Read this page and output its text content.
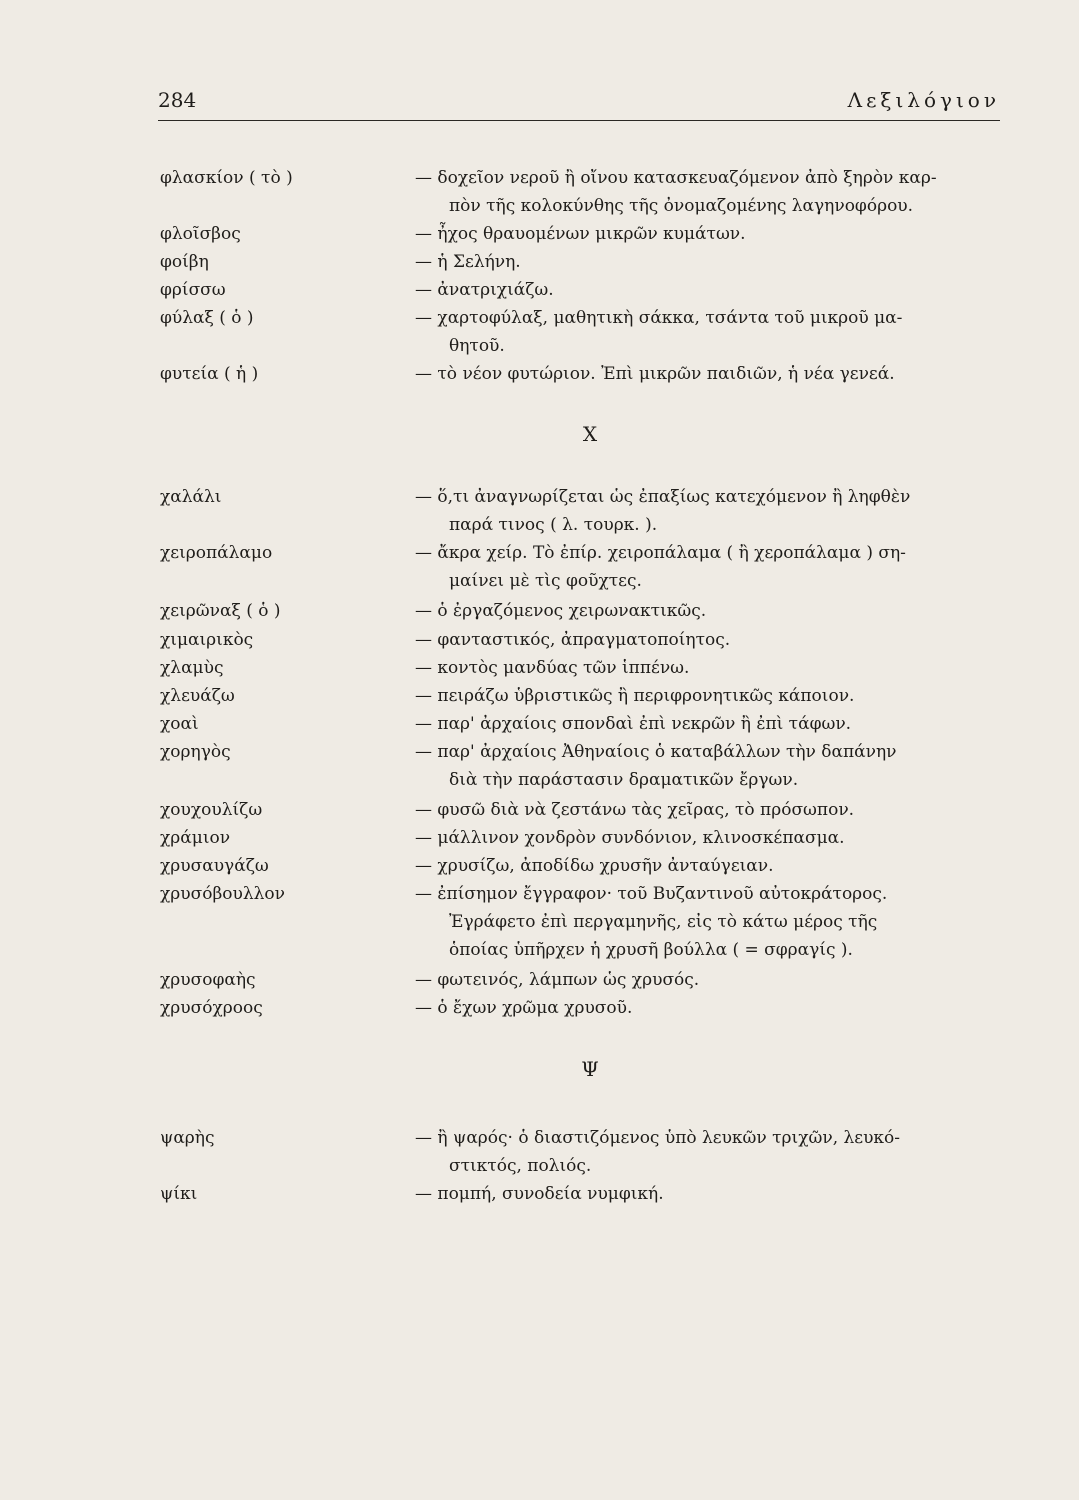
284	Λεξιλόγιον
φλασκίον ( τὸ )	— δοχεῖον νεροῦ ἢ οἴνου κατασκευαζόμενον ἀπὸ ξηρὸν καρ-
πὸν τῆς κολοκύνθης τῆς ὀνομαζομένης λαγηνοφόρου.
φλοῖσβος	— ἦχος θραυομένων μικρῶν κυμάτων.
φοίβη	— ἡ Σελήνη.
φρίσσω	— ἀνατριχιάζω.
φύλαξ ( ὁ )	— χαρτοφύλαξ, μαθητικὴ σάκκα, τσάντα τοῦ μικροῦ μα-
θητοῦ.
φυτεία ( ἡ )	— τὸ νέον φυτώριον. Ἐπὶ μικρῶν παιδιῶν, ἡ νέα γενεά.
Χ
χαλάλι	— ὅ,τι ἀναγνωρίζεται ὡς ἐπαξίως κατεχόμενον ἢ ληφθὲν
παρά τινος ( λ. τουρκ. ).
χειροπάλαμο	— ἄκρα χείρ. Τὸ ἐπίρ. χειροπάλαμα ( ἢ χεροπάλαμα ) ση-
μαίνει μὲ τὶς φοῦχτες.
χειρῶναξ ( ὁ )	— ὁ ἐργαζόμενος χειρωνακτικῶς.
χιμαιρικὸς	— φανταστικός, ἀπραγματοποίητος.
χλαμὺς	— κοντὸς μανδύας τῶν ἱππένω.
χλευάζω	— πειράζω ὑβριστικῶς ἢ περιφρονητικῶς κάποιον.
χοαὶ	— παρ' ἀρχαίοις σπονδαὶ ἐπὶ νεκρῶν ἢ ἐπὶ τάφων.
χορηγὸς	— παρ' ἀρχαίοις Ἀθηναίοις ὁ καταβάλλων τὴν δαπάνην
διὰ τὴν παράστασιν δραματικῶν ἔργων.
χουχουλίζω	— φυσῶ διὰ νὰ ζεστάνω τὰς χεῖρας, τὸ πρόσωπον.
χράμιον	— μάλλινον χονδρὸν συνδόνιον, κλινοσκέπασμα.
χρυσαυγάζω	— χρυσίζω, ἀποδίδω χρυσῆν ἀνταύγειαν.
χρυσόβουλλον	— ἐπίσημον ἔγγραφον· τοῦ Βυζαντινοῦ αὐτοκράτορος.
Ἐγράφετο ἐπὶ περγαμηνῆς, εἰς τὸ κάτω μέρος τῆς
ὁποίας ὑπῆρχεν ἡ χρυσῆ βούλλα ( = σφραγίς ).
χρυσοφαὴς	— φωτεινός, λάμπων ὡς χρυσός.
χρυσόχροος	— ὁ ἔχων χρῶμα χρυσοῦ.
Ψ
ψαρὴς	— ἢ ψαρός· ὁ διαστιζόμενος ὑπὸ λευκῶν τριχῶν, λευκό-
στικτός, πολιός.
ψίκι	— πομπή, συνοδεία νυμφική.
